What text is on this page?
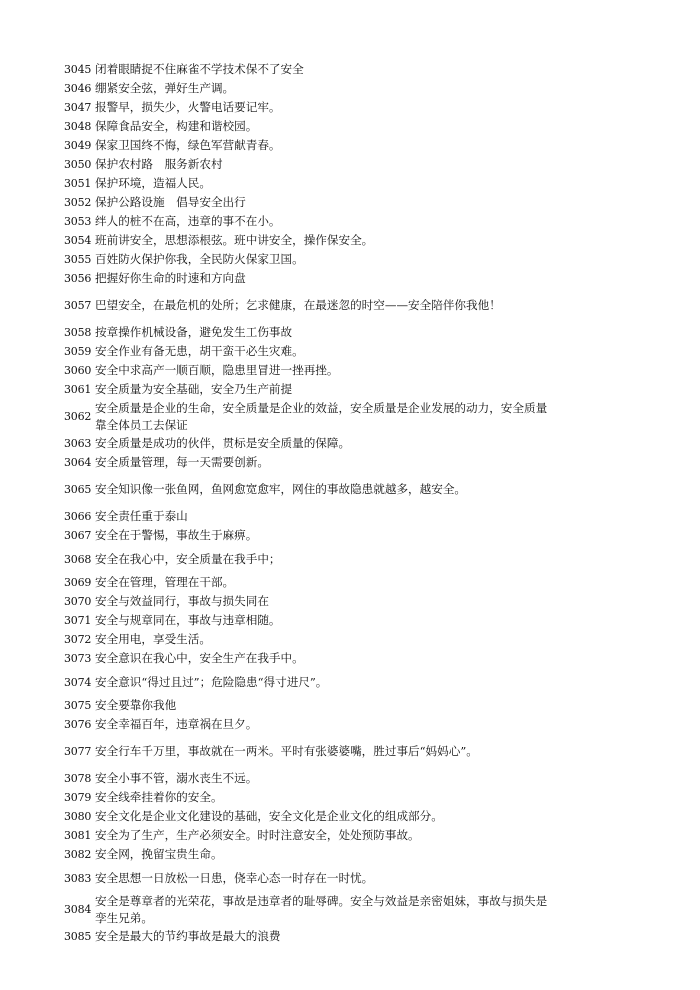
3045 闭着眼睛捉不住麻雀不学技术保不了安全
3046 绷紧安全弦，弹好生产调。
3047 报警早，损失少，火警电话要记牢。
3048 保障食品安全，构建和谐校园。
3049 保家卫国终不悔，绿色军营献青春。
3050 保护农村路　服务新农村
3051 保护环境，造福人民。
3052 保护公路设施　倡导安全出行
3053 绊人的桩不在高，违章的事不在小。
3054 班前讲安全，思想添根弦。班中讲安全，操作保安全。
3055 百姓防火保护你我，全民防火保家卫国。
3056 把握好你生命的时速和方向盘
3057 巴望安全，在最危机的处所；乞求健康，在最迷忽的时空——安全陪伴你我他！
3058 按章操作机械设备，避免发生工伤事故
3059 安全作业有备无患，胡干蛮干必生灾难。
3060 安全中求高产一顺百顺，隐患里冒进一挫再挫。
3061 安全质量为安全基础，安全乃生产前提
3062
安全质量是企业的生命，安全质量是企业的效益，安全质量是企业发展的动力，安全质量靠全体员工去保证
3063 安全质量是成功的伙伴，贯标是安全质量的保障。
3064 安全质量管理，每一天需要创新。
3065 安全知识像一张鱼网，鱼网愈宽愈牢，网住的事故隐患就越多，越安全。
3066 安全责任重于泰山
3067 安全在于警惕，事故生于麻痹。
3068 安全在我心中，安全质量在我手中；
3069 安全在管理，管理在干部。
3070 安全与效益同行，事故与损失同在
3071 安全与规章同在，事故与违章相随。
3072 安全用电，享受生活。
3073 安全意识在我心中，安全生产在我手中。
3074 安全意识“得过且过”；危险隐患“得寸进尺”。
3075 安全要靠你我他
3076 安全幸福百年，违章祸在旦夕。
3077 安全行车千万里，事故就在一两米。平时有张婆婆嘴，胜过事后“妈妈心”。
3078 安全小事不管，溺水丧生不远。
3079 安全线牵挂着你的安全。
3080 安全文化是企业文化建设的基础，安全文化是企业文化的组成部分。
3081 安全为了生产，生产必须安全。时时注意安全，处处预防事故。
3082 安全网，挽留宝贵生命。
3083 安全思想一日放松一日患，侥幸心态一时存在一时忧。
3084
安全是尊章者的光荣花，事故是违章者的耻辱碑。安全与效益是亲密姐妹，事故与损失是孪生兄弟。
3085 安全是最大的节约事故是最大的浪费
